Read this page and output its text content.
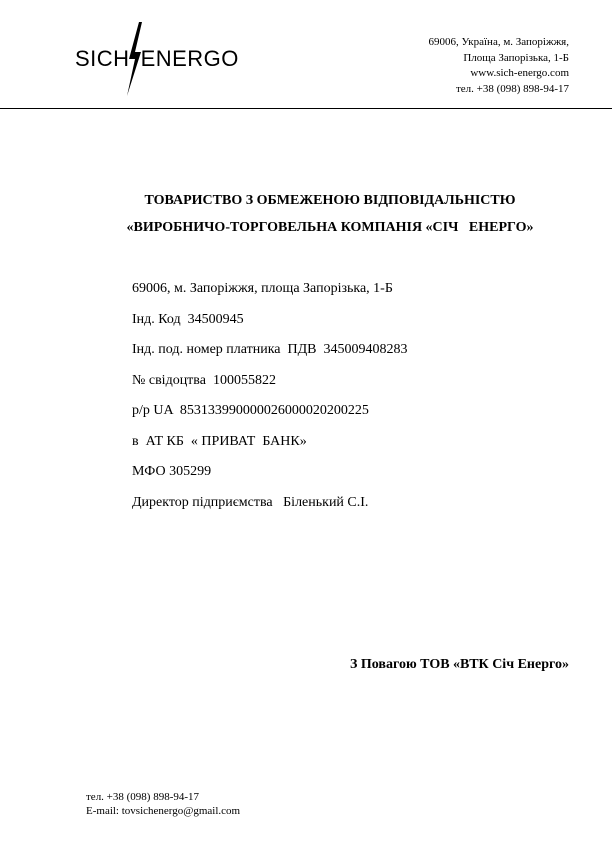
SICH ENERGO
69006, Україна, м. Запоріжжя,
Площа Запорізька, 1-Б
www.sich-energo.com
тел. +38 (098) 898-94-17
ТОВАРИСТВО З ОБМЕЖЕНОЮ ВІДПОВІДАЛЬНІСТЮ
«ВИРОБНИЧО-ТОРГОВЕЛЬНА КОМПАНІЯ «СІЧ   ЕНЕРГО»
69006, м. Запоріжжя, площа Запорізька, 1-Б
Інд. Код  34500945
Інд. под. номер платника  ПДВ  345009408283
№ свідоцтва  100055822
р/р UA  853133990000026000020200225
в  АТ КБ  « ПРИВАТ  БАНК»
МФО 305299
Директор підприємства   Біленький С.І.
З Повагою ТОВ «ВТК Січ Енерго»
тел. +38 (098) 898-94-17
E-mail: tovsichenergo@gmail.com
